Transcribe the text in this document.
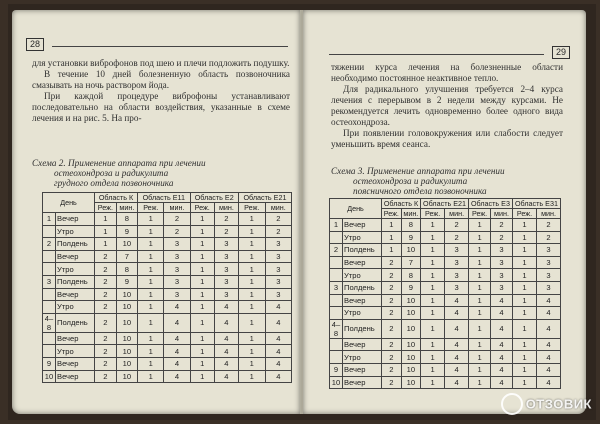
28

для установки виброфонов под шею и плечи подложить подушку.

В течение 10 дней болезненную область позвоночника смазывать на ночь раствором йода.

При каждой процедуре виброфоны устанавливают последовательно на области воздействия, указанные в схеме лечения и на рис. 5. На про-

Схема 2. Применение аппарата при лечении
остеохондроза и радикулита
грудного отдела позвоночника
День		Область К		Область Е11		Область Е2		Область Е21	
		Реж.	мин.	Реж.	мин.	Реж.	мин.	Реж.	мин.
1	Вечер	1	8	1	2	1	2	1	2
	Утро	1	9	1	2	1	2	1	2
2	Полдень	1	10	1	3	1	3	1	3
	Вечер	2	7	1	3	1	3	1	3
	Утро	2	8	1	3	1	3	1	3
3	Полдень	2	9	1	3	1	3	1	3
	Вечер	2	10	1	3	1	3	1	3
	Утро	2	10	1	4	1	4	1	4
4–8	Полдень	2	10	1	4	1	4	1	4
	Вечер	2	10	1	4	1	4	1	4
	Утро	2	10	1	4	1	4	1	4
9	Вечер	2	10	1	4	1	4	1	4
10	Вечер	2	10	1	4	1	4	1	4
29

тяжении курса лечения на болезненные области необходимо постоянное неактивное тепло.

Для радикального улучшения требуется 2–4 курса лечения с перерывом в 2 недели между курсами. Не рекомендуется лечить одновременно более одного вида остеохондроза.

При появлении головокружения или слабости следует уменьшить время сеанса.

Схема 3. Применение аппарата при лечении
остеохондроза и радикулита
поясничного отдела позвоночника
День		Область К		Область Е21		Область Е3		Область Е31	
		Реж.	мин.	Реж.	мин.	Реж.	мин.	Реж.	мин.
1	Вечер	1	8	1	2	1	2	1	2
	Утро	1	9	1	2	1	2	1	2
2	Полдень	1	10	1	3	1	3	1	3
	Вечер	2	7	1	3	1	3	1	3
	Утро	2	8	1	3	1	3	1	3
3	Полдень	2	9	1	3	1	3	1	3
	Вечер	2	10	1	4	1	4	1	4
	Утро	2	10	1	4	1	4	1	4
4–8	Полдень	2	10	1	4	1	4	1	4
	Вечер	2	10	1	4	1	4	1	4
	Утро	2	10	1	4	1	4	1	4
9	Вечер	2	10	1	4	1	4	1	4
10	Вечер	2	10	1	4	1	4	1	4
ОТЗОВИК
